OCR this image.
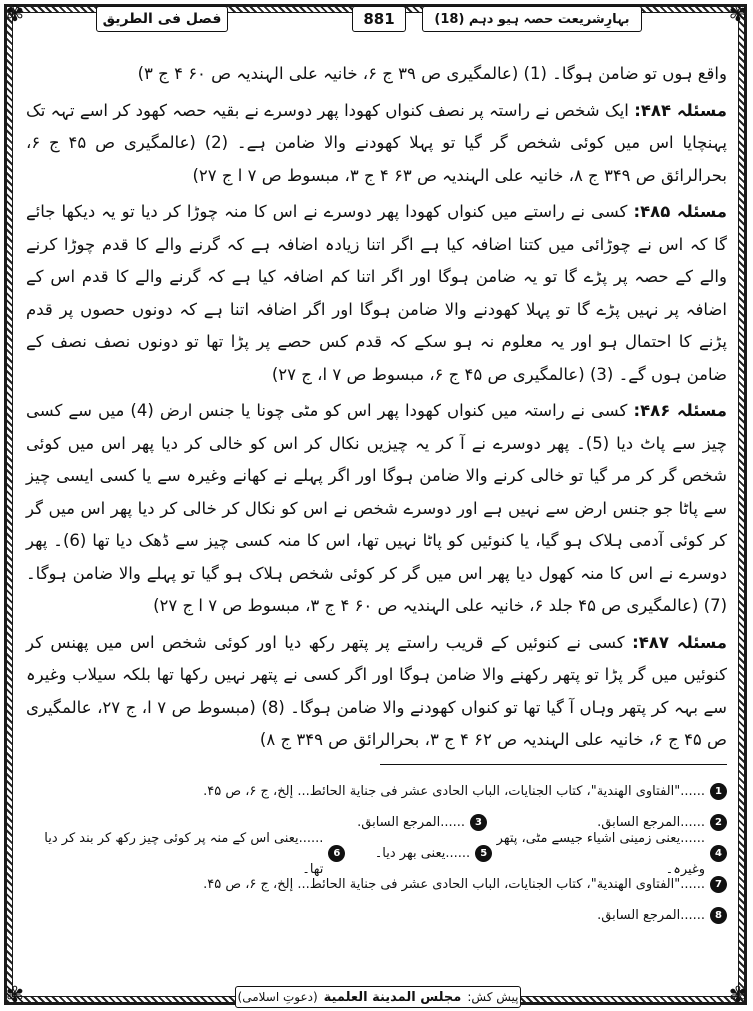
✾	✾
✾	✾
فصل فی الطریق	881	بہارِشریعت حصہ ہیو دہم (18)

واقع ہوں تو ضامن ہوگا۔ (1) (عالمگیری ص ۳۹ ج ۶، خانیہ علی الہندیہ ص ۶۰ ۴ ج ۳)

مسئلہ ۴۸۴: ایک شخص نے راستہ پر نصف کنواں کھودا پھر دوسرے نے بقیہ حصہ کھود کر اسے تہہ تک پہنچایا اس میں کوئی شخص گر گیا تو پہلا کھودنے والا ضامن ہے۔ (2) (عالمگیری ص ۴۵ ج ۶، بحرالرائق ص ۳۴۹ ج ۸، خانیہ علی الہندیہ ص ۶۳ ۴ ج ۳، مبسوط ص ۷ ا ج ۲۷)

مسئلہ ۴۸۵: کسی نے راستے میں کنواں کھودا پھر دوسرے نے اس کا منہ چوڑا کر دیا تو یہ دیکھا جائے گا کہ اس نے چوڑائی میں کتنا اضافہ کیا ہے اگر اتنا زیادہ اضافہ ہے کہ گرنے والے کا قدم چوڑا کرنے والے کے حصہ پر پڑے گا تو یہ ضامن ہوگا اور اگر اتنا کم اضافہ کیا ہے کہ گرنے والے کا قدم اس کے اضافہ پر نہیں پڑے گا تو پہلا کھودنے والا ضامن ہوگا اور اگر اضافہ اتنا ہے کہ دونوں حصوں پر قدم پڑنے کا احتمال ہو اور یہ معلوم نہ ہو سکے کہ قدم کس حصے پر پڑا تھا تو دونوں نصف نصف کے ضامن ہوں گے۔ (3) (عالمگیری ص ۴۵ ج ۶، مبسوط ص ۷ ا، ج ۲۷)

مسئلہ ۴۸۶: کسی نے راستہ میں کنواں کھودا پھر اس کو مٹی چونا یا جنس ارض (4) میں سے کسی چیز سے پاٹ دیا (5)۔ پھر دوسرے نے آ کر یہ چیزیں نکال کر اس کو خالی کر دیا پھر اس میں کوئی شخص گر کر مر گیا تو خالی کرنے والا ضامن ہوگا اور اگر پہلے نے کھانے وغیرہ سے یا کسی ایسی چیز سے پاٹا جو جنس ارض سے نہیں ہے اور دوسرے شخص نے اس کو نکال کر خالی کر دیا پھر اس میں گر کر کوئی آدمی ہلاک ہو گیا، یا کنوئیں کو پاٹا نہیں تھا، اس کا منہ کسی چیز سے ڈھک دیا تھا (6)۔ پھر دوسرے نے اس کا منہ کھول دیا پھر اس میں گر کر کوئی شخص ہلاک ہو گیا تو پہلے والا ضامن ہوگا۔ (7) (عالمگیری ص ۴۵ جلد ۶، خانیہ علی الہندیہ ص ۶۰ ۴ ج ۳، مبسوط ص ۷ ا ج ۲۷)

مسئلہ ۴۸۷: کسی نے کنوئیں کے قریب راستے پر پتھر رکھ دیا اور کوئی شخص اس میں پھنس کر کنوئیں میں گر پڑا تو پتھر رکھنے والا ضامن ہوگا اور اگر کسی نے پتھر نہیں رکھا تھا بلکہ سیلاب وغیرہ سے بہہ کر پتھر وہاں آ گیا تھا تو کنواں کھودنے والا ضامن ہوگا۔ (8) (مبسوط ص ۷ ا، ج ۲۷، عالمگیری ص ۴۵ ج ۶، خانیہ علی الہندیہ ص ۶۲ ۴ ج ۳، بحرالرائق ص ۳۴۹ ج ۸)

1
......"الفتاوی الهندیة"، کتاب الجنایات، الباب الحادی عشر فی جنایة الحائط... إلخ، ج ۶، ص ۴۵.
2
......المرجع السابق.
3
......المرجع السابق.
4
......یعنی زمینی اشیاء جیسے مٹی، پتھر وغیرہ۔
5
......یعنی بھر دیا۔
6
......یعنی اس کے منہ پر کوئی چیز رکھ کر بند کر دیا تھا۔
7
......"الفتاوی الهندیة"، کتاب الجنایات، الباب الحادی عشر فی جنایة الحائط... إلخ، ج ۶، ص ۴۵.
8
......المرجع السابق.
پیش کش:
مجلس المدینة العلمیة
(دعوتِ اسلامی)
